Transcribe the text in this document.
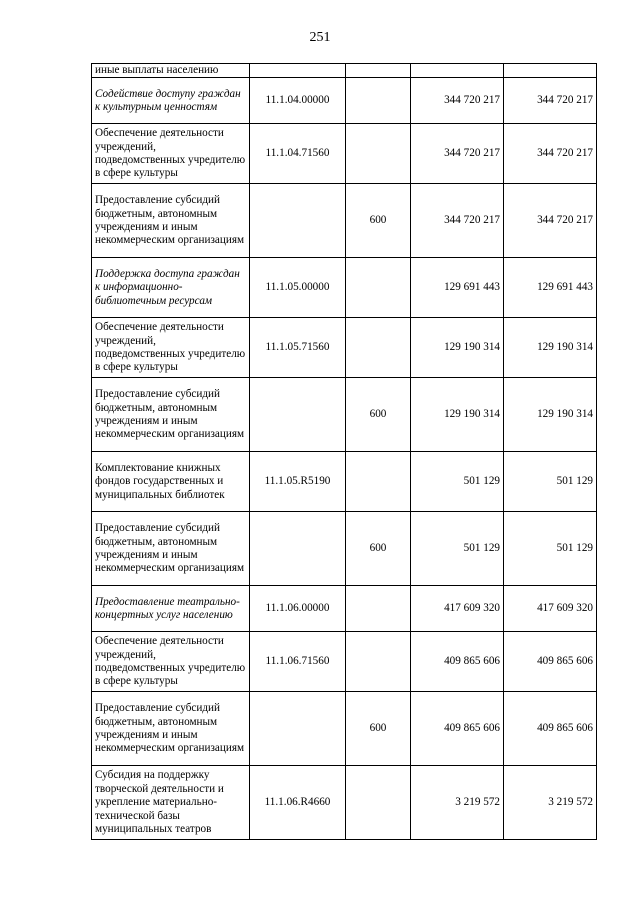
251
иные выплаты населению				
Содействие доступу граждан к культурным ценностям	11.1.04.00000		344 720 217	344 720 217
Обеспечение деятельности учреждений, подведомственных учредителю в сфере культуры	11.1.04.71560		344 720 217	344 720 217
Предоставление субсидий бюджетным, автономным учреждениям и иным некоммерческим организациям		600	344 720 217	344 720 217
Поддержка доступа граждан к информационно-библиотечным ресурсам	11.1.05.00000		129 691 443	129 691 443
Обеспечение деятельности учреждений, подведомственных учредителю в сфере культуры	11.1.05.71560		129 190 314	129 190 314
Предоставление субсидий бюджетным, автономным учреждениям и иным некоммерческим организациям		600	129 190 314	129 190 314
Комплектование книжных фондов государственных и муниципальных библиотек	11.1.05.R5190		501 129	501 129
Предоставление субсидий бюджетным, автономным учреждениям и иным некоммерческим организациям		600	501 129	501 129
Предоставление театрально-концертных услуг населению	11.1.06.00000		417 609 320	417 609 320
Обеспечение деятельности учреждений, подведомственных учредителю в сфере культуры	11.1.06.71560		409 865 606	409 865 606
Предоставление субсидий бюджетным, автономным учреждениям и иным некоммерческим организациям		600	409 865 606	409 865 606
Субсидия на поддержку творческой деятельности и укрепление материально-технической базы муниципальных театров	11.1.06.R4660		3 219 572	3 219 572
